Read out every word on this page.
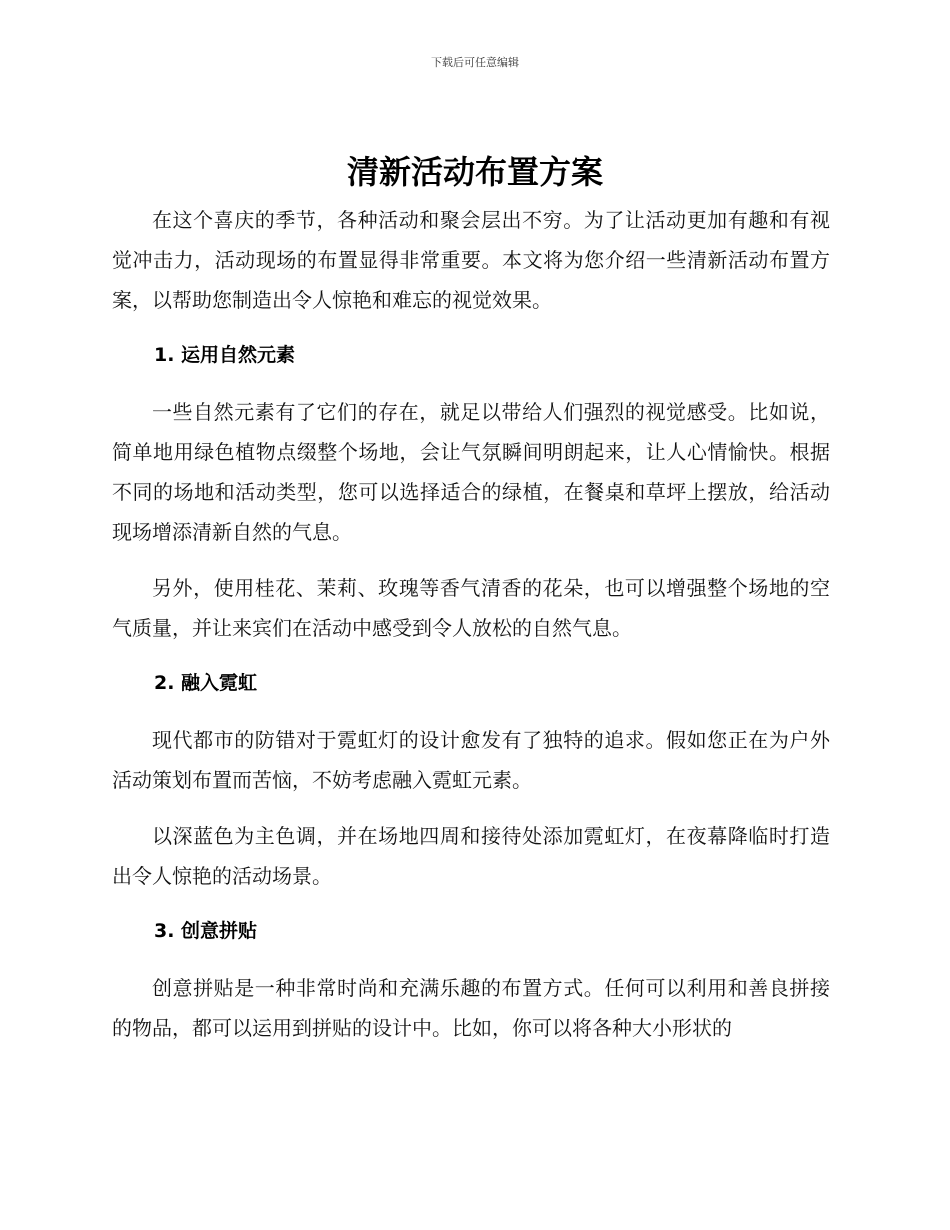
下载后可任意编辑
清新活动布置方案

在这个喜庆的季节，各种活动和聚会层出不穷。为了让活动更加有趣和有视觉冲击力，活动现场的布置显得非常重要。本文将为您介绍一些清新活动布置方案，以帮助您制造出令人惊艳和难忘的视觉效果。

1. 运用自然元素

一些自然元素有了它们的存在，就足以带给人们强烈的视觉感受。比如说，简单地用绿色植物点缀整个场地，会让气氛瞬间明朗起来，让人心情愉快。根据不同的场地和活动类型，您可以选择适合的绿植，在餐桌和草坪上摆放，给活动现场增添清新自然的气息。

另外，使用桂花、茉莉、玫瑰等香气清香的花朵，也可以增强整个场地的空气质量，并让来宾们在活动中感受到令人放松的自然气息。

2. 融入霓虹

现代都市的防错对于霓虹灯的设计愈发有了独特的追求。假如您正在为户外活动策划布置而苦恼，不妨考虑融入霓虹元素。

以深蓝色为主色调，并在场地四周和接待处添加霓虹灯，在夜幕降临时打造出令人惊艳的活动场景。

3. 创意拼贴

创意拼贴是一种非常时尚和充满乐趣的布置方式。任何可以利用和善良拼接的物品，都可以运用到拼贴的设计中。比如，你可以将各种大小形状的
